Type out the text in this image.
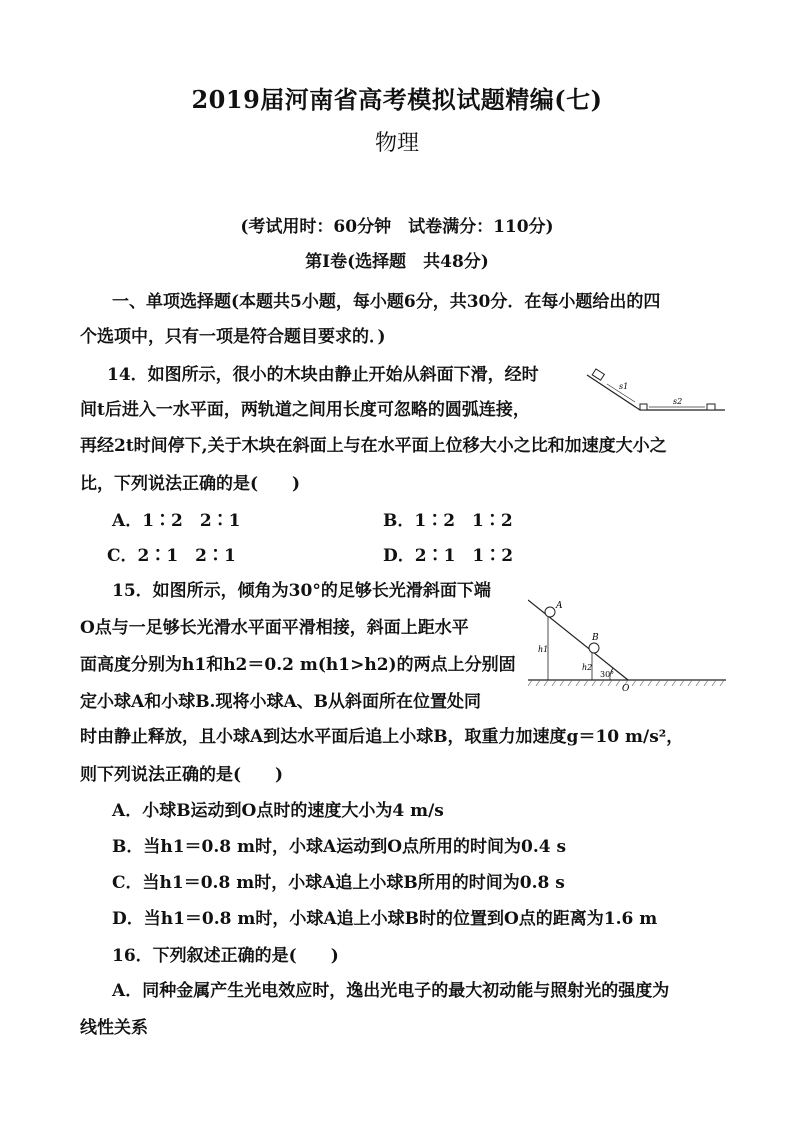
2019届河南省高考模拟试题精编(七)
物理
(考试用时：60分钟　试卷满分：110分)
第Ⅰ卷(选择题　共48分)
一、单项选择题(本题共5小题，每小题6分，共30分．在每小题给出的四
个选项中，只有一项是符合题目要求的．)
14．如图所示，很小的木块由静止开始从斜面下滑，经时
间t后进入一水平面，两轨道之间用长度可忽略的圆弧连接，
再经2t时间停下,关于木块在斜面上与在水平面上位移大小之比和加速度大小之
比，下列说法正确的是(　　)
A．1∶2　2∶1	B．1∶2　1∶2
C．2∶1　2∶1	D．2∶1　1∶2
s1
s2
15．如图所示，倾角为30°的足够长光滑斜面下端
O点与一足够长光滑水平面平滑相接，斜面上距水平
面高度分别为h1和h2＝0.2 m(h1>h2)的两点上分别固
定小球A和小球B.现将小球A、B从斜面所在位置处同
时由静止释放，且小球A到达水平面后追上小球B，取重力加速度g＝10 m/s²，
则下列说法正确的是(　　)
A．小球B运动到O点时的速度大小为4 m/s
B．当h1＝0.8 m时，小球A运动到O点所用的时间为0.4 s
C．当h1＝0.8 m时，小球A追上小球B所用的时间为0.8 s
D．当h1＝0.8 m时，小球A追上小球B时的位置到O点的距离为1.6 m
A
B
h1
h2
30°
O
16．下列叙述正确的是(　　)
A．同种金属产生光电效应时，逸出光电子的最大初动能与照射光的强度为
线性关系
